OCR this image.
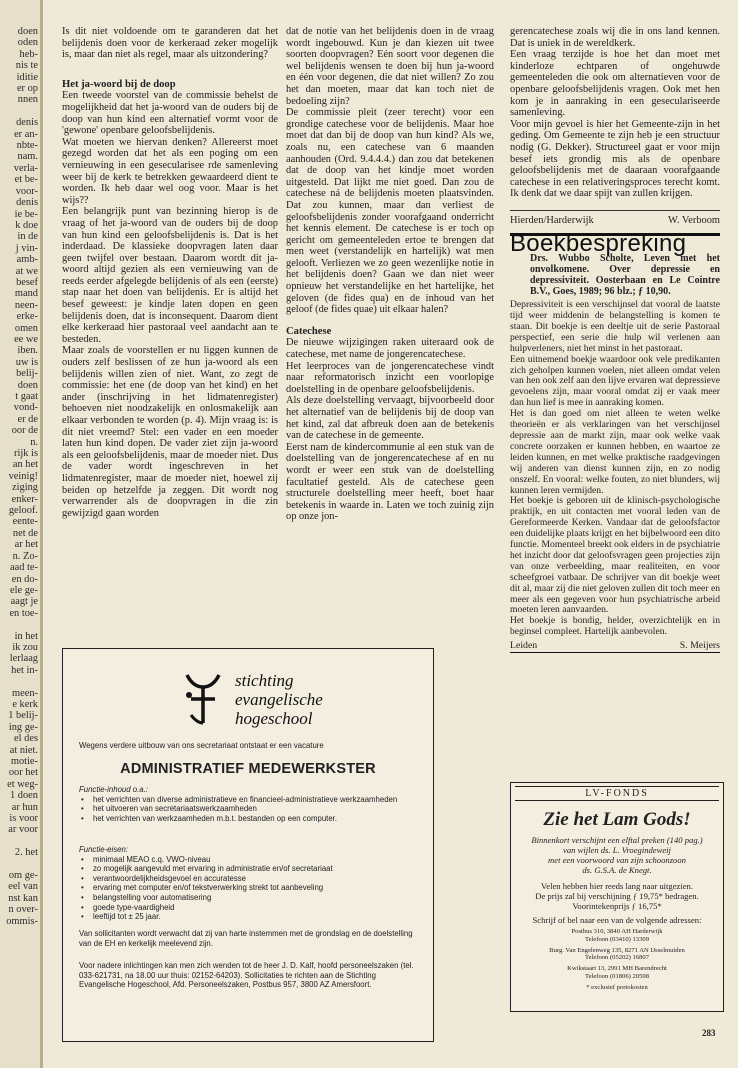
doen
oden
heb-
nis te
iditie
er op
nnen

denis
er an-
nbte-
nam.
verla-
et be-
voor-
denis
ie be-
k doe
in de
j vin-
amb-
at we
besef
mand
neen-
erke-
omen
ee we
iben.
uw is
belij-
doen
t gaat
vond-
er de
oor de
n.
rijk is
an het
veinig!
ziging
enker-
geloof.
eente-
net de
ar het
n. Zo-
aad te-
en do-
ele ge-
aagt je
en toe-

in het
ik zou
lerlaag
het in-

meen-
e kerk
1 belij-
ing ge-
el des
at niet.
motie-
oor het
et weg-
1 doen
ar hun
is voor
ar voor

2. het

om ge-
eel van
nst kan
n over-
ommis-

Is dit niet voldoende om te garanderen dat het belijdenis doen voor de kerkeraad zeker mogelijk is, maar dan niet als regel, maar als uitzondering?

Het ja-woord bij de doop

Een tweede voorstel van de commissie behelst de mogelijkheid dat het ja-woord van de ouders bij de doop van hun kind een alternatief vormt voor de 'gewone' openbare geloofsbelijdenis.

Wat moeten we hiervan denken? Allereerst moet gezegd worden dat het als een poging om een vernieuwing in een gesecularisee rde samenleving weer bij de kerk te betrekken gewaardeerd dient te worden. Ik heb daar wel oog voor. Maar is het wijs??

Een belangrijk punt van bezinning hierop is de vraag of het ja-woord van de ouders bij de doop van hun kind een geloofsbelijdenis is. Dat is het inderdaad. De klassieke doopvragen laten daar geen twijfel over bestaan. Daarom wordt dit ja-woord altijd gezien als een vernieuwing van de reeds eerder afgelegde belijdenis of als een (eerste) stap naar het doen van belijdenis. Er is altijd het besef geweest: je kindje laten dopen en geen belijdenis doen, dat is inconsequent. Daarom dient elke kerkeraad hier pastoraal veel aandacht aan te besteden.

Maar zoals de voorstellen er nu liggen kunnen de ouders zelf beslissen of ze hun ja-woord als een belijdenis willen zien of niet. Want, zo zegt de commissie: het ene (de doop van het kind) en het ander (inschrijving in het lidmatenregister) behoeven niet noodzakelijk en onlosmakelijk aan elkaar verbonden te worden (p. 4). Mijn vraag is: is dit niet vreemd? Stel: een vader en een moeder laten hun kind dopen. De vader ziet zijn ja-woord als een geloofsbelijdenis, maar de moeder niet. Dus de vader wordt ingeschreven in het lidmatenregister, maar de moeder niet, hoewel zij beiden op hetzelfde ja zeggen. Dit wordt nog verwarrender als de doopvragen in die zin gewijzigd gaan worden

dat de notie van het belijdenis doen in de vraag wordt ingebouwd. Kun je dan kiezen uit twee soorten doopvragen? Eén soort voor degenen die wel belijdenis wensen te doen bij hun ja-woord en één voor degenen, die dat niet willen? Zo zou het dan moeten, maar dat kan toch niet de bedoeling zijn?

De commissie pleit (zeer terecht) voor een grondige catechese voor de belijdenis. Maar hoe moet dat dan bij de doop van hun kind? Als we, zoals nu, een catechese van 6 maanden aanhouden (Ord. 9.4.4.4.) dan zou dat betekenen dat de doop van het kindje moet worden uitgesteld. Dat lijkt me niet goed. Dan zou de catechese ná de belijdenis moeten plaatsvinden. Dat zou kunnen, maar dan verliest de geloofsbelijdenis zonder voorafgaand onderricht het kennis element. De catechese is er toch op gericht om gemeenteleden ertoe te brengen dat men weet (verstandelijk en hartelijk) wat men gelooft. Verliezen we zo geen wezenlijke notie in het belijdenis doen? Gaan we dan niet weer opnieuw het verstandelijke en het hartelijke, het geloven (de fides qua) en de inhoud van het geloof (de fides quae) uit elkaar halen?

Catechese

De nieuwe wijzigingen raken uiteraard ook de catechese, met name de jongerencatechese.

Het leerproces van de jongerencatechese vindt naar reformatorisch inzicht een voorlopige doelstelling in de openbare geloofsbelijdenis.

Als deze doelstelling vervaagt, bijvoorbeeld door het alternatief van de belijdenis bij de doop van het kind, zal dat afbreuk doen aan de betekenis van de catechese in de gemeente.

Eerst nam de kindercommunie al een stuk van de doelstelling van de jongerencatechese af en nu wordt er weer een stuk van de doelstelling facultatief gesteld. Als de catechese geen structurele doelstelling meer heeft, boet haar betekenis in waarde in. Laten we toch zuinig zijn op onze jon-

gerencatechese zoals wij die in ons land kennen. Dat is uniek in de wereldkerk.

Een vraag terzijde is hoe het dan moet met kinderloze echtparen of ongehuwde gemeenteleden die ook om alternatieven voor de openbare geloofsbelijdenis vragen. Ook met hen kom je in aanraking in een geseculariseerde samenleving.

Voor mijn gevoel is hier het Gemeente-zijn in het geding. Om Gemeente te zijn heb je een structuur nodig (G. Dekker). Structureel gaat er voor mijn besef iets grondig mis als de openbare geloofsbelijdenis met de daaraan voorafgaande catechese in een relativeringsproces terecht komt. Ik denk dat we daar spijt van zullen krijgen.

Hierden/Harderwijk	W. Verboom
Boekbespreking
Drs. Wubbo Scholte, Leven met het onvolkomene. Over depressie en depressiviteit. Oosterbaan en Le Cointre B.V., Goes, 1989; 96 blz.; ƒ 10,90.

Depressiviteit is een verschijnsel dat vooral de laatste tijd weer middenin de belangstelling is komen te staan. Dit boekje is een deeltje uit de serie Pastoraal perspectief, een serie die hulp wil verlenen aan hulpverleners, niet het minst in het pastoraat.

Een uitnemend boekje waardoor ook vele predikanten zich geholpen kunnen voelen, niet alleen omdat velen van hen ook zelf aan den lijve ervaren wat depressieve gevoelens zijn, maar vooral omdat zij er vaak meer dan hun lief is mee in aanraking komen.

Het is dan goed om niet alleen te weten welke theorieën er als verklaringen van het verschijnsel depressie aan de markt zijn, maar ook welke vaak concrete oorzaken er kunnen hebben, en waartoe ze leiden kunnen, en met welke praktische raadgevingen wij anderen van dienst kunnen zijn, en zo nodig onszelf. En vooral: welke fouten, zo niet blunders, wij kunnen leren vermijden.

Het boekje is geboren uit de klinisch-psychologische praktijk, en uit contacten met vooral leden van de Gereformeerde Kerken. Vandaar dat de geloofsfactor een duidelijke plaats krijgt en het bijbelwoord een dito functie. Momenteel breekt ook elders in de psychiatrie het inzicht door dat geloofsvragen geen projecties zijn van onze verbeelding, maar realiteiten, en voor scheefgroei vatbaar. De schrijver van dit boekje weet dit al, maar zij die niet geloven zullen dit toch meer en meer als een gegeven voor hun psychiatrische arbeid moeten leren aanvaarden.

Het boekje is bondig, helder, overzichtelijk en in beginsel compleet. Hartelijk aanbevolen.

Leiden	S. Meijers
stichting
evangelische
hogeschool
Wegens verdere uitbouw van ons secretariaat ontstaat er een vacature
ADMINISTRATIEF MEDEWERKSTER
Functie-inhoud o.a.:
• het verrichten van diverse administratieve en financieel-administratieve werkzaamheden
• het uitvoeren van secretariaatswerkzaamheden
• het verrichten van werkzaamheden m.b.t. bestanden op een computer.
Functie-eisen:
• minimaal MEAO c.q. VWO-niveau
• zo mogelijk aangevuld met ervaring in administratie en/of secretariaat
• verantwoordelijkheidsgevoel en accuratesse
• ervaring met computer en/of tekstverwerking strekt tot aanbeveling
• belangstelling voor automatisering
• goede type-vaardigheid
• leeftijd tot ± 25 jaar.
Van sollicitanten wordt verwacht dat zij van harte instemmen met de grondslag en de doelstelling van de EH en kerkelijk meelevend zijn.
Voor nadere inlichtingen kan men zich wenden tot de heer J. D. Kalf, hoofd personeelszaken (tel. 033-621731, na 18.00 uur thuis: 02152-64203). Sollicitaties te richten aan de Stichting Evangelische Hogeschool, Afd. Personeelszaken, Postbus 957, 3800 AZ Amersfoort.
LV-FONDS
Zie het Lam Gods!
Binnenkort verschijnt een elftal preken (140 pag.)
van wijlen ds. L. Vroegindeweij
met een voorwoord van zijn schoonzoon
ds. G.S.A. de Knegt.
Velen hebben hier reeds lang naar uitgezien.
De prijs zal bij verschijning ƒ 19,75* bedragen.
Voorintekenprijs ƒ 16,75*
Schrijf of bel naar een van de volgende adressen:
Postbus 310, 3840 AH Harderwijk
Telefoon (03410) 13309
Burg. Van Engelenweg 135, 8271 AN IJsselmuiden
Telefoon (05202) 16807
Kwikstaart 13, 2991 MH Barendrecht
Telefoon (01806) 20598
* exclusief portokosten
283
